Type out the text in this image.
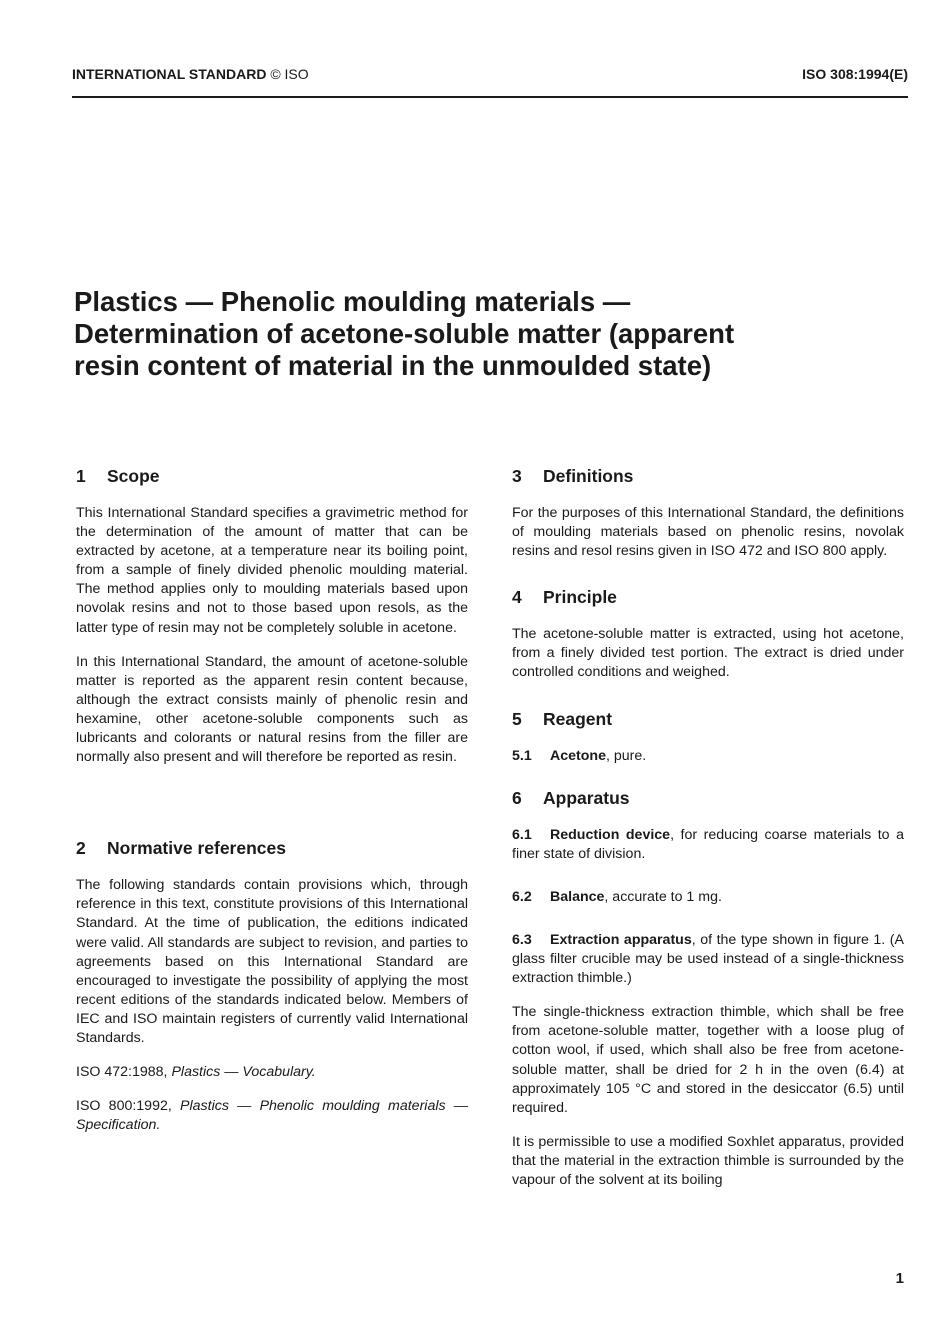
INTERNATIONAL STANDARD © ISO	ISO 308:1994(E)
Plastics — Phenolic moulding materials —
Determination of acetone-soluble matter (apparent
resin content of material in the unmoulded state)
1 Scope

This International Standard specifies a gravimetric method for the determination of the amount of matter that can be extracted by acetone, at a temperature near its boiling point, from a sample of finely divided phenolic moulding material. The method applies only to moulding materials based upon novolak resins and not to those based upon resols, as the latter type of resin may not be completely soluble in acetone.

In this International Standard, the amount of acetone-soluble matter is reported as the apparent resin content because, although the extract consists mainly of phenolic resin and hexamine, other acetone-soluble components such as lubricants and colorants or natural resins from the filler are normally also present and will therefore be reported as resin.

2 Normative references

The following standards contain provisions which, through reference in this text, constitute provisions of this International Standard. At the time of publication, the editions indicated were valid. All standards are subject to revision, and parties to agreements based on this International Standard are encouraged to investigate the possibility of applying the most recent editions of the standards indicated below. Members of IEC and ISO maintain registers of currently valid International Standards.

ISO 472:1988, Plastics — Vocabulary.

ISO 800:1992, Plastics — Phenolic moulding materials — Specification.

3 Definitions

For the purposes of this International Standard, the definitions of moulding materials based on phenolic resins, novolak resins and resol resins given in ISO 472 and ISO 800 apply.

4 Principle

The acetone-soluble matter is extracted, using hot acetone, from a finely divided test portion. The extract is dried under controlled conditions and weighed.

5 Reagent

5.1 Acetone, pure.

6 Apparatus

6.1 Reduction device, for reducing coarse materials to a finer state of division.

6.2 Balance, accurate to 1 mg.

6.3 Extraction apparatus, of the type shown in figure 1. (A glass filter crucible may be used instead of a single-thickness extraction thimble.)

The single-thickness extraction thimble, which shall be free from acetone-soluble matter, together with a loose plug of cotton wool, if used, which shall also be free from acetone-soluble matter, shall be dried for 2 h in the oven (6.4) at approximately 105 °C and stored in the desiccator (6.5) until required.

It is permissible to use a modified Soxhlet apparatus, provided that the material in the extraction thimble is surrounded by the vapour of the solvent at its boiling

1
